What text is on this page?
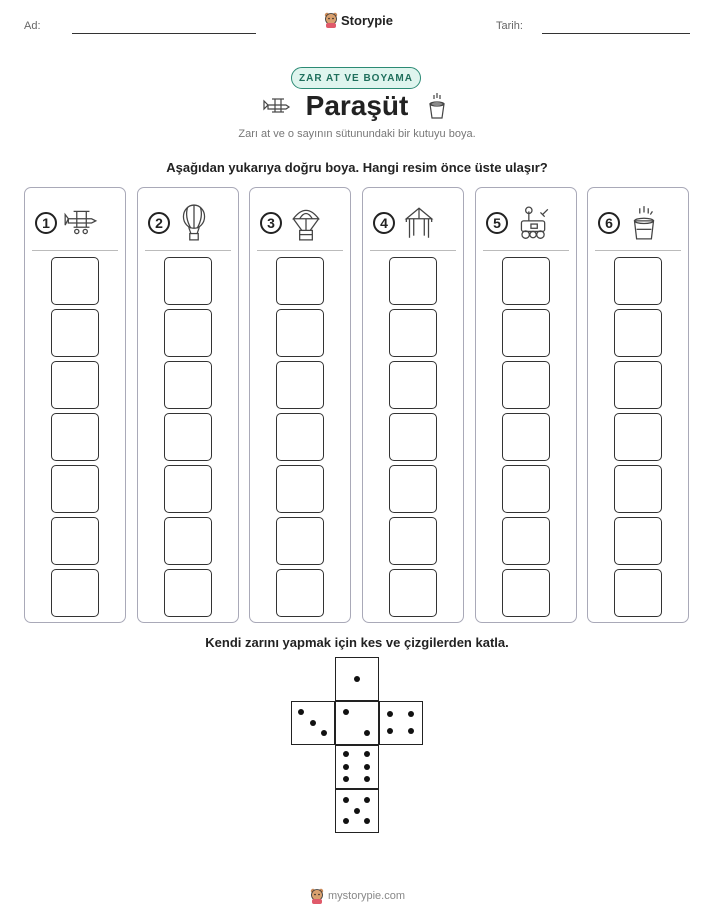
Ad:	Storypie	Tarih:
ZAR AT VE BOYAMA
Paraşüt
Zarı at ve o sayının sütunundaki bir kutuyu boya.
Aşağıdan yukarıya doğru boya. Hangi resim önce üste ulaşır?
1	2	3	4	5	6
Kendi zarını yapmak için kes ve çizgilerden katla.
mystorypie.com
